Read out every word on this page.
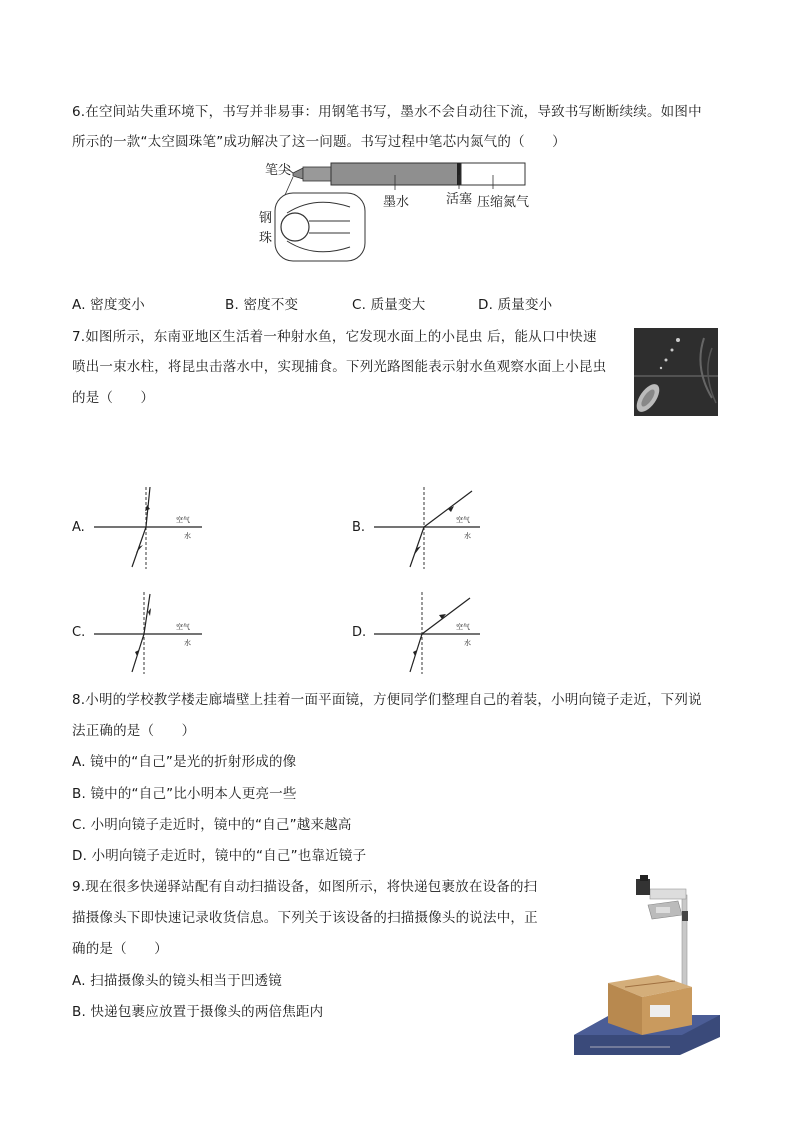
6.在空间站失重环境下，书写并非易事：用钢笔书写，墨水不会自动往下流，导致书写断断续续。如图中
所示的一款“太空圆珠笔”成功解决了这一问题。书写过程中笔芯内氮气的（　　）
笔尖
墨水	活塞 压缩氮气
钢
珠
A. 密度变小	B. 密度不变	C. 质量变大	D. 质量变小
7.如图所示，东南亚地区生活着一种射水鱼，它发现水面上的小昆虫 后，能从口中快速
喷出一束水柱，将昆虫击落水中，实现捕食。下列光路图能表示射水鱼观察水面上小昆虫
的是（　　）
A.	空气
水
B.	空气
水
C.	空气
水
D.	空气
水
8.小明的学校教学楼走廊墙壁上挂着一面平面镜，方便同学们整理自己的着装，小明向镜子走近，下列说
法正确的是（　　）
A. 镜中的“自己”是光的折射形成的像
B. 镜中的“自己”比小明本人更亮一些
C. 小明向镜子走近时，镜中的“自己”越来越高
D. 小明向镜子走近时，镜中的“自己”也靠近镜子
9.现在很多快递驿站配有自动扫描设备，如图所示，将快递包裹放在设备的扫
描摄像头下即快速记录收货信息。下列关于该设备的扫描摄像头的说法中，正
确的是（　　）
A. 扫描摄像头的镜头相当于凹透镜
B. 快递包裹应放置于摄像头的两倍焦距内
